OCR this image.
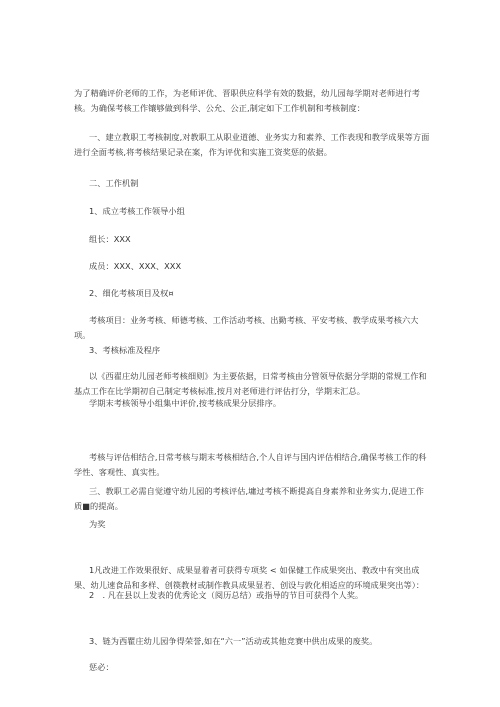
为了精确评价老师的工作，为老师评优、晋职供应科学有效的数据，幼儿园每学期对老师进行考核。为确保考核工作镶够做到科学、公允、公正,制定如下工作机制和考核制度：

一、建立教职工考核制度,对教职工从职业道德、业务实力和素养、工作表现和教学成果等方面进行全面考核,将考核结果记录在案，作为评优和实施工资奖惩的依据。

二、工作机制

1、成立考核工作领导小组

组长：XXX

成员：XXX、XXX、XXX

2、细化考核项目及权¤

考核项目：业务考核、师德考核、工作活动考核、出勤考核、平安考核、教学成果考核六大项。

3、考核标准及程序

以《西翟庄幼儿园老师考核细则》为主要依据，日常考核由分管领导依据分学期的常规工作和基点工作在比学期初自己制定考核标准,按月对老师进行评估打分，学期末汇总。

学期末考核领导小组集中评价,按考核成果分层排序。

考核与评估相结合,日常考核与期末考核相结合,个人自评与国内评估相结合,确保考核工作的科学性、客观性、真实性。

三、教职工必需自觉遵守幼儿园的考核评估,墉过考核不断提高自身素养和业务实力,促进工作质■的提高。

为奖

1凡改进工作效果很好、成果显着者可获得专项奖 < 如保健工作成果突出、教改中有突出成果、幼儿速食品和多样、创篌教材或制作教具成果显若、创设与敦化相适应的环境成果突出等）：

2　. 凡在县以上发表的优秀论文（阅历总结）或指导的节目可获得个人奖。

3、链为西瞿庄幼儿园争得荣誉,如在“六一”活动或其他竞赛中供出成果的废奖。

惩必：
